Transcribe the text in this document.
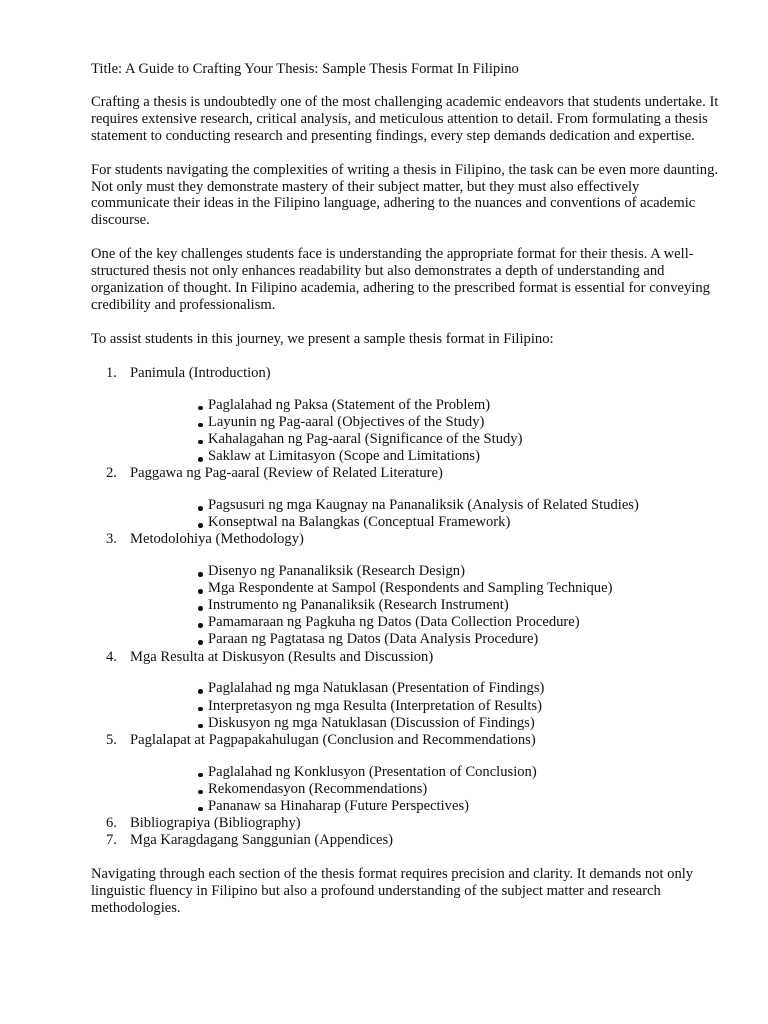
Title: A Guide to Crafting Your Thesis: Sample Thesis Format In Filipino

Crafting a thesis is undoubtedly one of the most challenging academic endeavors that students undertake. It requires extensive research, critical analysis, and meticulous attention to detail. From formulating a thesis statement to conducting research and presenting findings, every step demands dedication and expertise.

For students navigating the complexities of writing a thesis in Filipino, the task can be even more daunting. Not only must they demonstrate mastery of their subject matter, but they must also effectively communicate their ideas in the Filipino language, adhering to the nuances and conventions of academic discourse.

One of the key challenges students face is understanding the appropriate format for their thesis. A well-structured thesis not only enhances readability but also demonstrates a depth of understanding and organization of thought. In Filipino academia, adhering to the prescribed format is essential for conveying credibility and professionalism.

To assist students in this journey, we present a sample thesis format in Filipino:

1. Panimula (Introduction)
Paglalahad ng Paksa (Statement of the Problem)
Layunin ng Pag-aaral (Objectives of the Study)
Kahalagahan ng Pag-aaral (Significance of the Study)
Saklaw at Limitasyon (Scope and Limitations)
2. Paggawa ng Pag-aaral (Review of Related Literature)
Pagsusuri ng mga Kaugnay na Pananaliksik (Analysis of Related Studies)
Konseptwal na Balangkas (Conceptual Framework)
3. Metodolohiya (Methodology)
Disenyo ng Pananaliksik (Research Design)
Mga Respondente at Sampol (Respondents and Sampling Technique)
Instrumento ng Pananaliksik (Research Instrument)
Pamamaraan ng Pagkuha ng Datos (Data Collection Procedure)
Paraan ng Pagtatasa ng Datos (Data Analysis Procedure)
4. Mga Resulta at Diskusyon (Results and Discussion)
Paglalahad ng mga Natuklasan (Presentation of Findings)
Interpretasyon ng mga Resulta (Interpretation of Results)
Diskusyon ng mga Natuklasan (Discussion of Findings)
5. Paglalapat at Pagpapakahulugan (Conclusion and Recommendations)
Paglalahad ng Konklusyon (Presentation of Conclusion)
Rekomendasyon (Recommendations)
Pananaw sa Hinaharap (Future Perspectives)
6. Bibliograpiya (Bibliography)
7. Mga Karagdagang Sanggunian (Appendices)

Navigating through each section of the thesis format requires precision and clarity. It demands not only linguistic fluency in Filipino but also a profound understanding of the subject matter and research methodologies.
